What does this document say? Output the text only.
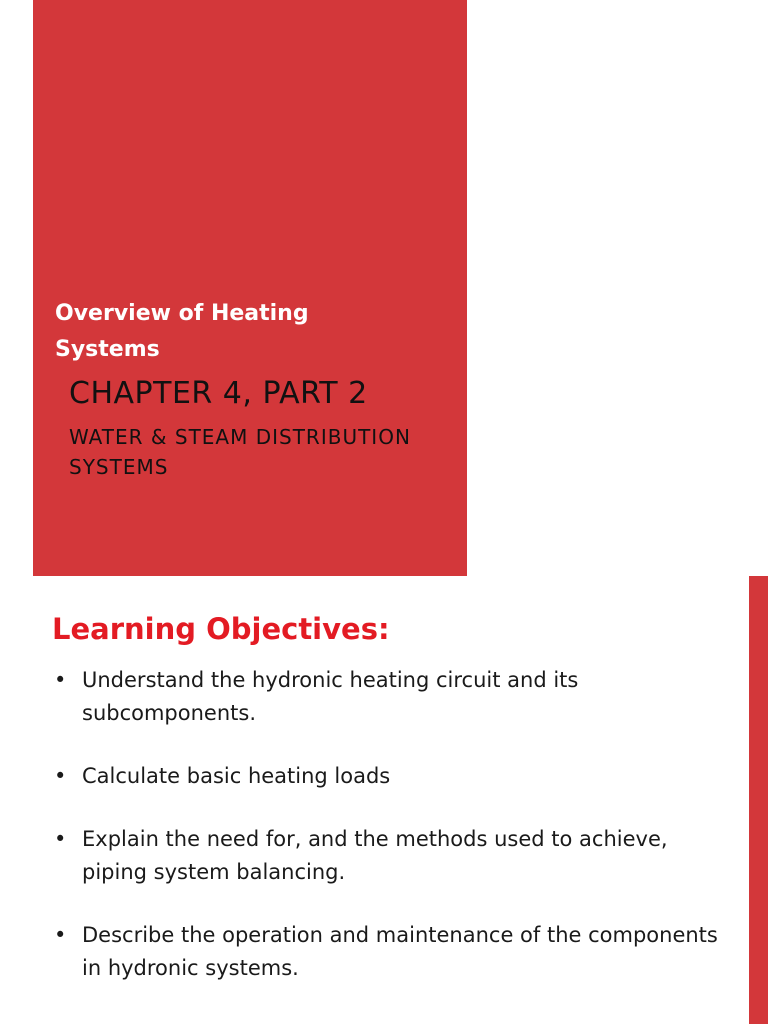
Overview of Heating Systems

CHAPTER 4, PART 2

WATER & STEAM DISTRIBUTION SYSTEMS

Learning Objectives:
• Understand the hydronic heating circuit and its subcomponents.
• Calculate basic heating loads
• Explain the need for, and the methods used to achieve, piping system balancing.
• Describe the operation and maintenance of the components in hydronic systems.
